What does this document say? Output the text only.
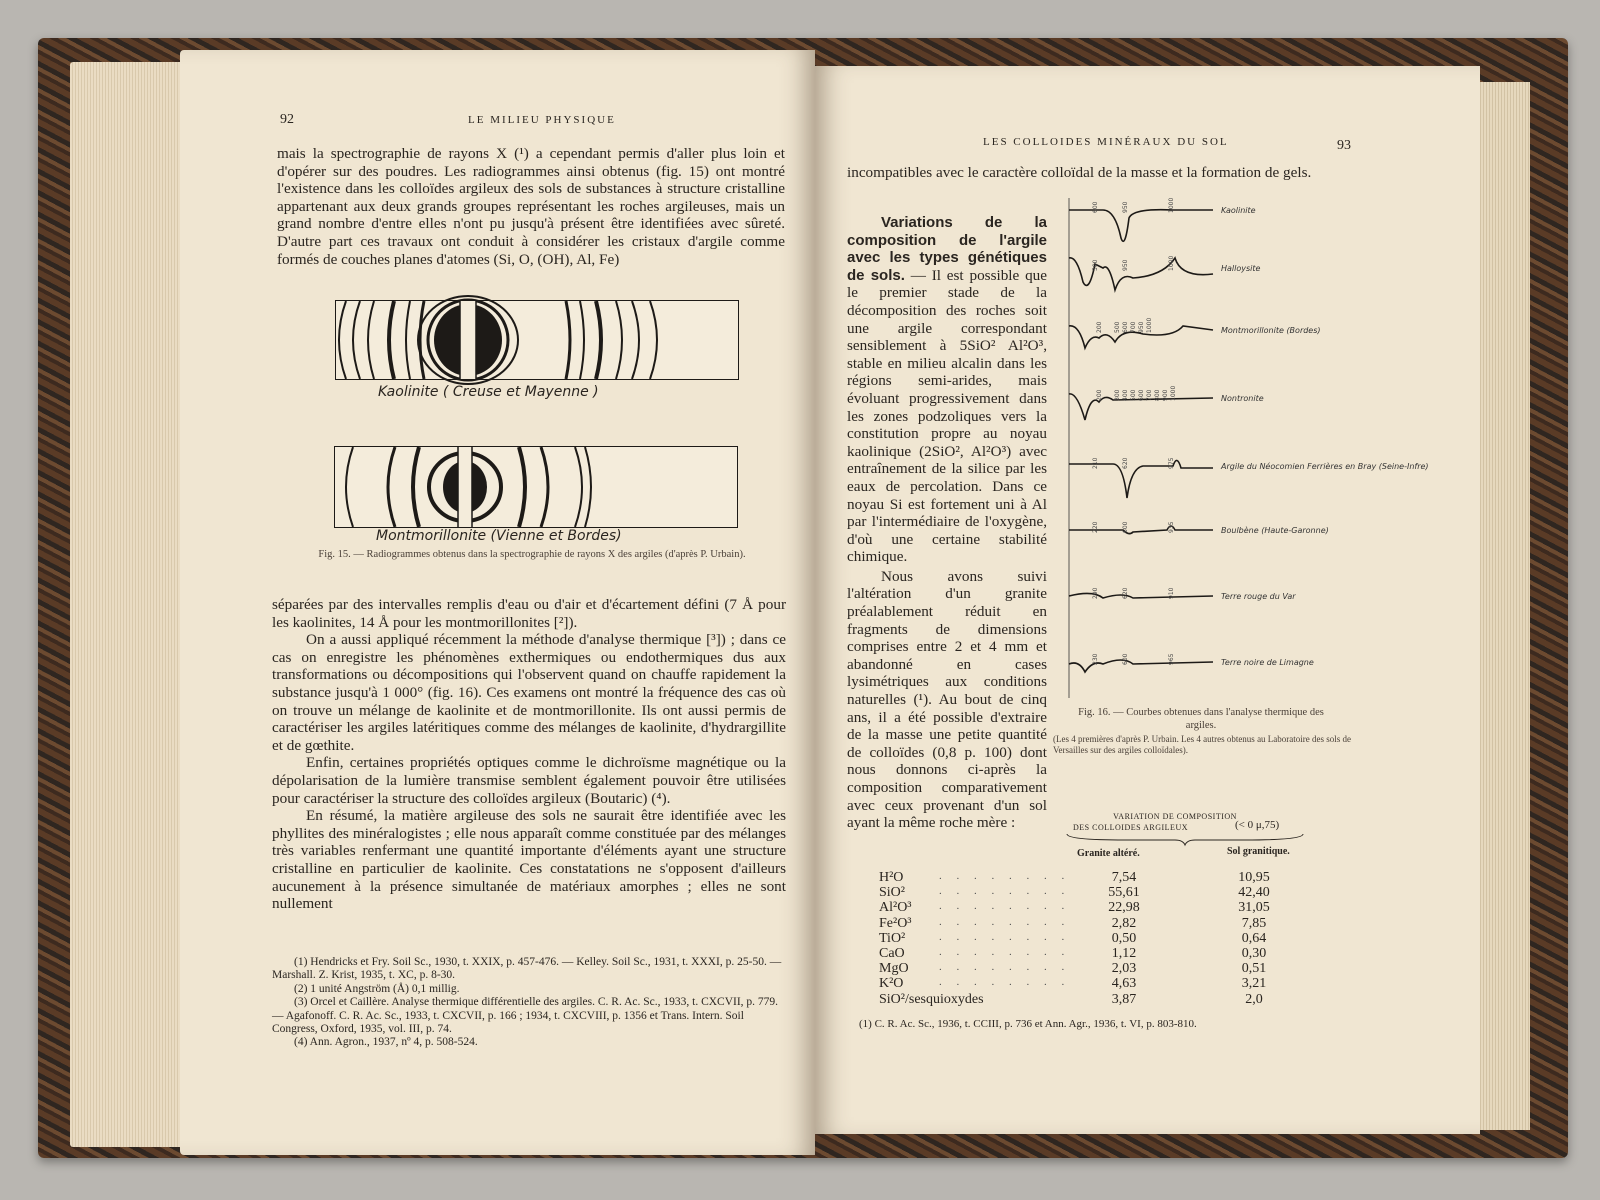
92	LE MILIEU PHYSIQUE

mais la spectrographie de rayons X (¹) a cependant permis d'aller plus loin et d'opérer sur des poudres. Les radiogrammes ainsi obtenus (fig. 15) ont montré l'existence dans les colloïdes argileux des sols de substances à structure cristalline appartenant aux deux grands groupes représentant les roches argileuses, mais un grand nombre d'entre elles n'ont pu jusqu'à présent être identifiées avec sûreté. D'autre part ces travaux ont conduit à considérer les cristaux d'argile comme formés de couches planes d'atomes (Si, O, (OH), Al, Fe)

Kaolinite ( Creuse et Mayenne )
Montmorillonite (Vienne et Bordes)
Fig. 15. — Radiogrammes obtenus dans la spectrographie de rayons X des argiles (d'après P. Urbain).

séparées par des intervalles remplis d'eau ou d'air et d'écartement défini (7 Å pour les kaolinites, 14 Å pour les montmorillonites [²]).

On a aussi appliqué récemment la méthode d'analyse thermique [³]) ; dans ce cas on enregistre les phénomènes exthermiques ou endothermiques dus aux transformations ou décompositions qui l'observent quand on chauffe rapidement la substance jusqu'à 1 000° (fig. 16). Ces examens ont montré la fréquence des cas où on trouve un mélange de kaolinite et de montmorillonite. Ils ont aussi permis de caractériser les argiles latéritiques comme des mélanges de kaolinite, d'hydrargillite et de gœthite.

Enfin, certaines propriétés optiques comme le dichroïsme magnétique ou la dépolarisation de la lumière transmise semblent également pouvoir être utilisées pour caractériser la structure des colloïdes argileux (Boutaric) (⁴).

En résumé, la matière argileuse des sols ne saurait être identifiée avec les phyllites des minéralogistes ; elle nous apparaît comme constituée par des mélanges très variables renfermant une quantité importante d'éléments ayant une structure cristalline en particulier de kaolinite. Ces constatations ne s'opposent d'ailleurs aucunement à la présence simultanée de matériaux amorphes ; elles ne sont nullement

(1) Hendricks et Fry. Soil Sc., 1930, t. XXIX, p. 457-476. — Kelley. Soil Sc., 1931, t. XXXI, p. 25-50. — Marshall. Z. Krist, 1935, t. XC, p. 8-30.

(2) 1 unité Angström (Å) 0,1 millig.

(3) Orcel et Caillère. Analyse thermique différentielle des argiles. C. R. Ac. Sc., 1933, t. CXCVII, p. 779. — Agafonoff. C. R. Ac. Sc., 1933, t. CXCVII, p. 166 ; 1934, t. CXCVIII, p. 1356 et Trans. Intern. Soil Congress, Oxford, 1935, vol. III, p. 74.

(4) Ann. Agron., 1937, nº 4, p. 508-524.

LES COLLOIDES MINÉRAUX DU SOL	93

incompatibles avec le caractère colloïdal de la masse et la formation de gels.

Variations de la composition de l'argile avec les types génétiques de sols. — Il est possible que le premier stade de la décomposition des roches soit une argile correspondant sensiblement à 5SiO² Al²O³, stable en milieu alcalin dans les régions semi-arides, mais évoluant progressivement dans les zones podzoliques vers la constitution propre au noyau kaolinique (2SiO², Al²O³) avec entraînement de la silice par les eaux de percolation. Dans ce noyau Si est fortement uni à Al par l'intermédiaire de l'oxygène, d'où une certaine stabilité chimique.

Nous avons suivi l'altération d'un granite préalablement réduit en fragments de dimensions comprises entre 2 et 4 mm et abandonné en cases lysimétriques aux conditions naturelles (¹). Au bout de cinq ans, il a été possible d'extraire de la masse une petite quantité de colloïdes (0,8 p. 100) dont nous donnons ci-après la composition comparativement avec ceux provenant d'un sol ayant la même roche mère :

600	950	1000	Kaolinite
500	950	1000	Halloysite
200 500 600 700 950 1000	Montmorillonite (Bordes)
200 300 400 500 600 700 800 900 1000	Nontronite
210	620	975	Argile du Néocomien Ferrières en Bray (Seine-Infre)
220	600	935	Boulbène (Haute-Garonne)
290	620	910	Terre rouge du Var
230	600	965	Terre noire de Limagne
Fig. 16. — Courbes obtenues dans l'analyse thermique des argiles.
(Les 4 premières d'après P. Urbain. Les 4 autres obtenus au Laboratoire des sols de Versailles sur des argiles colloïdales).
VARIATION DE COMPOSITION
DES COLLOIDES ARGILEUX	(< 0 μ,75)
Granite altéré.	Sol granitique.
H²O	. . . . . . . .	7,54	10,95
SiO²	. . . . . . . .	55,61	42,40
Al²O³ . . . . . . . .	22,98	31,05
Fe²O³ . . . . . . . .	2,82	7,85
TiO²	. . . . . . . .	0,50	0,64
CaO	. . . . . . . .	1,12	0,30
MgO	. . . . . . . .	2,03	0,51
K²O	. . . . . . . .	4,63	3,21
SiO²/sesquioxydes	3,87	2,0

(1) C. R. Ac. Sc., 1936, t. CCIII, p. 736 et Ann. Agr., 1936, t. VI, p. 803-810.
